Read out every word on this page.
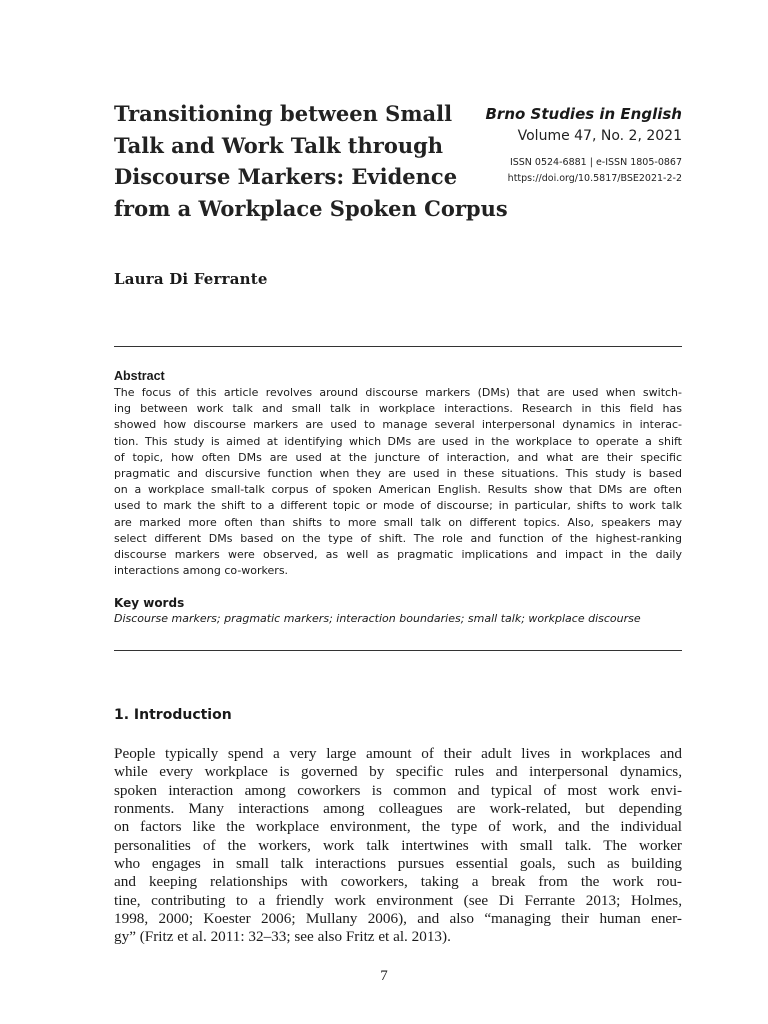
Transitioning between Small
Talk and Work Talk through
Discourse Markers: Evidence
from a Workplace Spoken Corpus
Brno Studies in English
Volume 47, No. 2, 2021
ISSN 0524-6881 | e-ISSN 1805-0867
https://doi.org/10.5817/BSE2021-2-2
Laura Di Ferrante
Abstract
The focus of this article revolves around discourse markers (DMs) that are used when switch-
ing between work talk and small talk in workplace interactions. Research in this field has
showed how discourse markers are used to manage several interpersonal dynamics in interac-
tion. This study is aimed at identifying which DMs are used in the workplace to operate a shift
of topic, how often DMs are used at the juncture of interaction, and what are their specific
pragmatic and discursive function when they are used in these situations. This study is based
on a workplace small-talk corpus of spoken American English. Results show that DMs are often
used to mark the shift to a different topic or mode of discourse; in particular, shifts to work talk
are marked more often than shifts to more small talk on different topics. Also, speakers may
select different DMs based on the type of shift. The role and function of the highest-ranking
discourse markers were observed, as well as pragmatic implications and impact in the daily
interactions among co-workers.
Key words
Discourse markers; pragmatic markers; interaction boundaries; small talk; workplace discourse
1. Introduction
People typically spend a very large amount of their adult lives in workplaces and
while every workplace is governed by specific rules and interpersonal dynamics,
spoken interaction among coworkers is common and typical of most work envi-
ronments. Many interactions among colleagues are work-related, but depending
on factors like the workplace environment, the type of work, and the individual
personalities of the workers, work talk intertwines with small talk. The worker
who engages in small talk interactions pursues essential goals, such as building
and keeping relationships with coworkers, taking a break from the work rou-
tine, contributing to a friendly work environment (see Di Ferrante 2013; Holmes,
1998, 2000; Koester 2006; Mullany 2006), and also “managing their human ener-
gy” (Fritz et al. 2011: 32–33; see also Fritz et al. 2013).
7
